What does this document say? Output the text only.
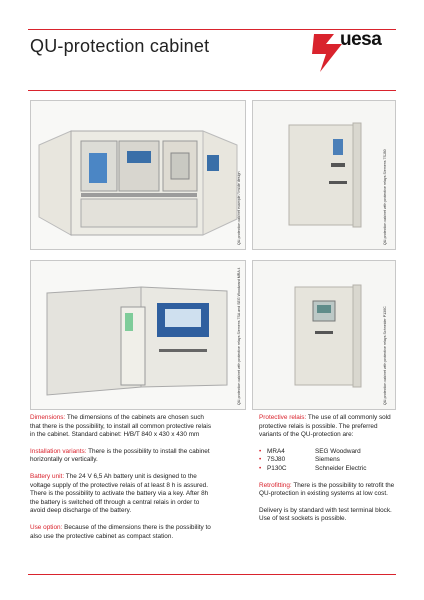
QU-protection cabinet	uesa
QU-protection cabinet example / inside design	QU-protection cabinet with protective relays Siemens 7SJ80
QU-protection cabinet with protective relays Siemens 7SA and SEG Woodward MRA 4	QU-protection cabinet with protective relays Schneider P130C

Dimensions: The dimensions of the cabinets are chosen such that there is the possibility, to install all common protective relais in the cabinet. Standard cabinet: H/B/T 840 x 430 x 430 mm

Installation variants: There is the possibility to install the cabinet horizontally or vertically.

Battery unit: The 24 V 6,5 Ah battery unit is designed to the voltage supply of the protective relais of at least 8 h is assured. There is the possibility to activate the battery via a key. After 8h the battery is switched off through a central relais in order to avoid deep discharge of the battery.

Use option: Because of the dimensions there is the possibility to also use the protective cabinet as compact station.

Protective relais: The use of all commonly sold protective relais is possible. The preferred variants of the QU-protection are:

• MRA4	SEG Woodward
• 7SJ80	Siemens
• P130C	Schneider Electric

Retrofitting: There is the possibility to retrofit the QU-protection in existing systems at low cost.

Delivery is by standard with test terminal block. Use of test sockets is possible.
